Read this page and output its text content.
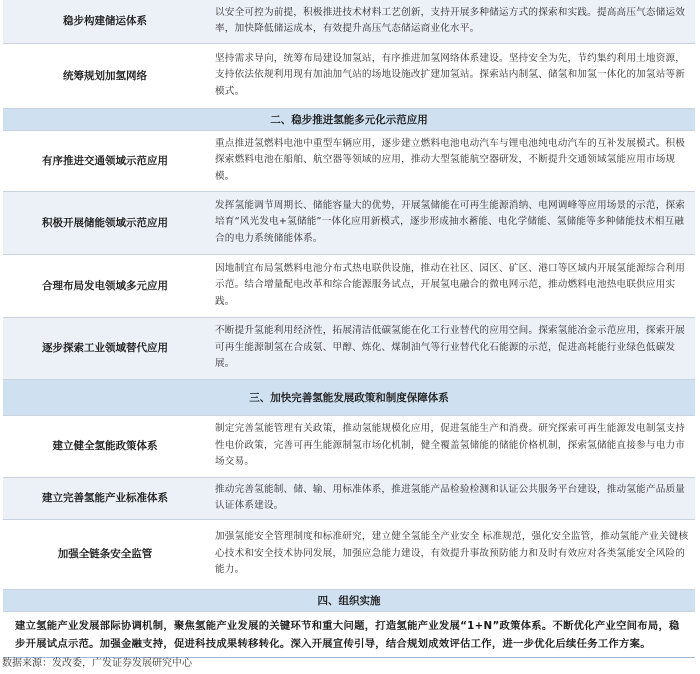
稳步构建储运体系	以安全可控为前提，积极推进技术材料工艺创新，支持开展多种储运方式的探索和实践。提高高压气态储运效率，加快降低储运成本，有效提升高压气态储运商业化水平。
统筹规划加氢网络	坚持需求导向，统筹布局建设加氢站，有序推进加氢网络体系建设。坚持安全为先，节约集约利用土地资源，支持依法依规利用现有加油加气站的场地设施改扩建加氢站。探索站内制氢、储氢和加氢一体化的加氢站等新模式。
二、稳步推进氢能多元化示范应用	
有序推进交通领域示范应用	重点推进氢燃料电池中重型车辆应用，逐步建立燃料电池电动汽车与锂电池纯电动汽车的互补发展模式。积极探索燃料电池在船舶、航空器等领域的应用，推动大型氢能航空器研发，不断提升交通领域氢能应用市场规模。
积极开展储能领域示范应用	发挥氢能调节周期长、储能容量大的优势，开展氢储能在可再生能源消纳、电网调峰等应用场景的示范，探索培育“风光发电+氢储能”一体化应用新模式，逐步形成抽水蓄能、电化学储能、氢储能等多种储能技术相互融合的电力系统储能体系。
合理布局发电领域多元应用	因地制宜布局氢燃料电池分布式热电联供设施，推动在社区、园区、矿区、港口等区域内开展氢能源综合利用示范。结合增量配电改革和综合能源服务试点，开展氢电融合的微电网示范，推动燃料电池热电联供应用实践。
逐步探索工业领域替代应用	不断提升氢能利用经济性，拓展清洁低碳氢能在化工行业替代的应用空间。探索氢能冶金示范应用，探索开展可再生能源制氢在合成氨、甲醇、炼化、煤制油气等行业替代化石能源的示范，促进高耗能行业绿色低碳发展。
三、加快完善氢能发展政策和制度保障体系	
建立健全氢能政策体系	制定完善氢能管理有关政策，推动氢能规模化应用，促进氢能生产和消费。研究探索可再生能源发电制氢支持性电价政策，完善可再生能源制氢市场化机制，健全覆盖氢储能的储能价格机制，探索氢储能直接参与电力市场交易。
建立完善氢能产业标准体系	推动完善氢能制、储、输、用标准体系，推进氢能产品检验检测和认证公共服务平台建设，推动氢能产品质量认证体系建设。
加强全链条安全监管	加强氢能安全管理制度和标准研究，建立健全氢能全产业安全 标准规范，强化安全监管，推动氢能产业关键核心技术和安全技术协同发展，加强应急能力建设，有效提升事故预防能力和及时有效应对各类氢能安全风险的能力。
四、组织实施	
建立氢能产业发展部际协调机制，聚焦氢能产业发展的关键环节和重大问题，打造氢能产业发展“1+N”政策体系。不断优化产业空间布局，稳步开展试点示范。加强金融支持，促进科技成果转移转化。深入开展宣传引导，结合规划成效评估工作，进一步优化后续任务工作方案。	
数据来源：发改委，广发证券发展研究中心
